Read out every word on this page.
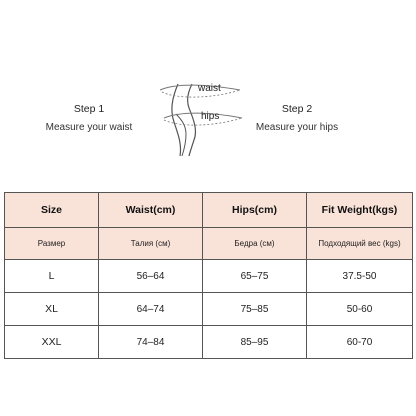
Step 1
Measure your waist
waist
hips
Step 2
Measure your hips
Size	Waist(cm)	Hips(cm)	Fit Weight(kgs)
Размер	Талия (см)	Бедра (см)	Подходящий вес (kgs)
L	56–64	65–75	37.5-50
XL	64–74	75–85	50-60
XXL	74–84	85–95	60-70
